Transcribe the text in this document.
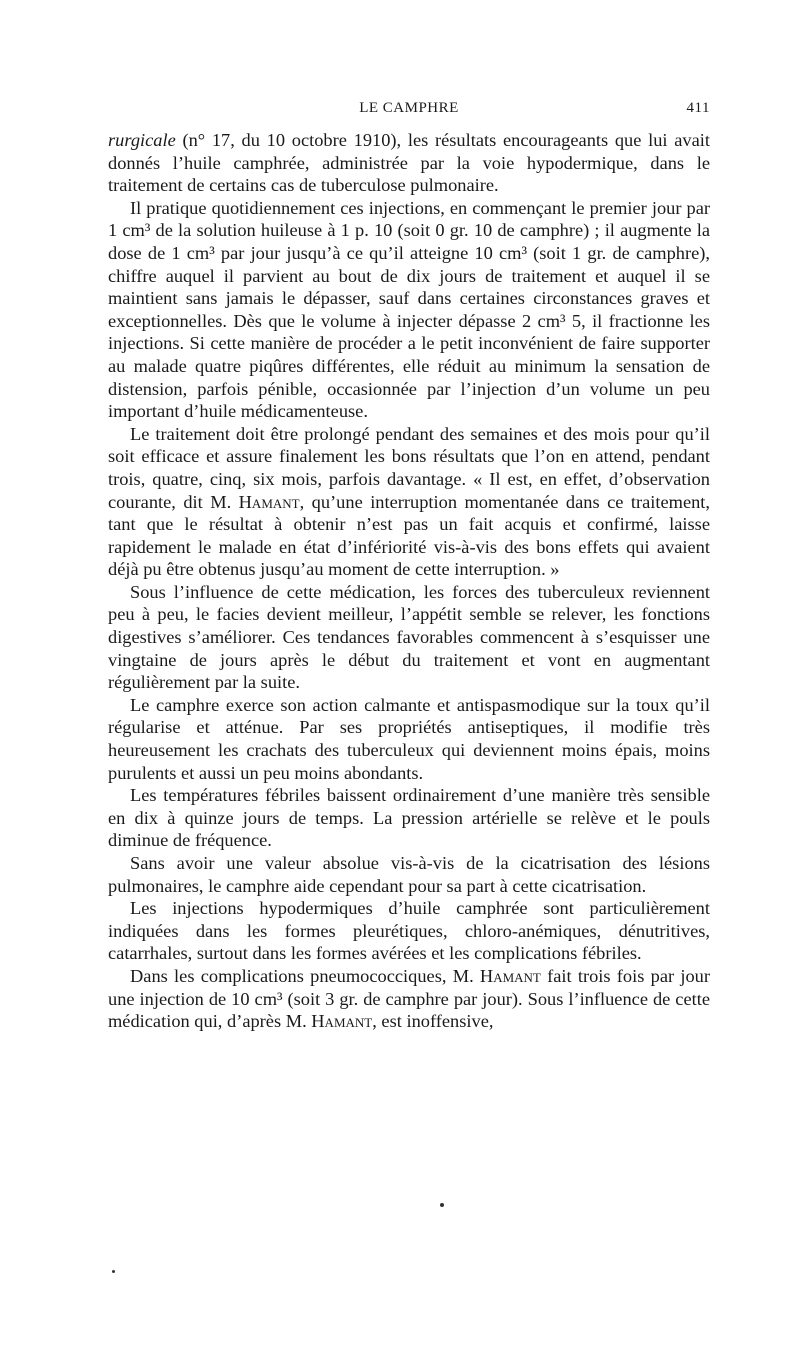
LE CAMPHRE	411

rurgicale (n° 17, du 10 octobre 1910), les résultats encourageants que lui avait donnés l’huile camphrée, administrée par la voie hypodermique, dans le traitement de certains cas de tuberculose pulmonaire.

Il pratique quotidiennement ces injections, en commençant le premier jour par 1 cm³ de la solution huileuse à 1 p. 10 (soit 0 gr. 10 de camphre) ; il augmente la dose de 1 cm³ par jour jusqu’à ce qu’il atteigne 10 cm³ (soit 1 gr. de camphre), chiffre auquel il parvient au bout de dix jours de traitement et auquel il se maintient sans jamais le dépasser, sauf dans certaines circonstances graves et exceptionnelles. Dès que le volume à injecter dépasse 2 cm³ 5, il fractionne les injections. Si cette manière de procéder a le petit inconvénient de faire supporter au malade quatre piqûres différentes, elle réduit au minimum la sensation de distension, parfois pénible, occasionnée par l’injection d’un volume un peu important d’huile médicamenteuse.

Le traitement doit être prolongé pendant des semaines et des mois pour qu’il soit efficace et assure finalement les bons résultats que l’on en attend, pendant trois, quatre, cinq, six mois, parfois davantage. « Il est, en effet, d’observation courante, dit M. Hamant, qu’une interruption momentanée dans ce traitement, tant que le résultat à obtenir n’est pas un fait acquis et confirmé, laisse rapidement le malade en état d’infériorité vis-à-vis des bons effets qui avaient déjà pu être obtenus jusqu’au moment de cette interruption. »

Sous l’influence de cette médication, les forces des tuberculeux reviennent peu à peu, le facies devient meilleur, l’appétit semble se relever, les fonctions digestives s’améliorer. Ces tendances favorables commencent à s’esquisser une vingtaine de jours après le début du traitement et vont en augmentant régulièrement par la suite.

Le camphre exerce son action calmante et antispasmodique sur la toux qu’il régularise et atténue. Par ses propriétés antiseptiques, il modifie très heureusement les crachats des tuberculeux qui deviennent moins épais, moins purulents et aussi un peu moins abondants.

Les températures fébriles baissent ordinairement d’une manière très sensible en dix à quinze jours de temps. La pression artérielle se relève et le pouls diminue de fréquence.

Sans avoir une valeur absolue vis-à-vis de la cicatrisation des lésions pulmonaires, le camphre aide cependant pour sa part à cette cicatrisation.

Les injections hypodermiques d’huile camphrée sont particulièrement indiquées dans les formes pleurétiques, chloro-anémiques, dénutritives, catarrhales, surtout dans les formes avérées et les complications fébriles.

Dans les complications pneumococciques, M. Hamant fait trois fois par jour une injection de 10 cm³ (soit 3 gr. de camphre par jour). Sous l’influence de cette médication qui, d’après M. Hamant, est inoffensive,
